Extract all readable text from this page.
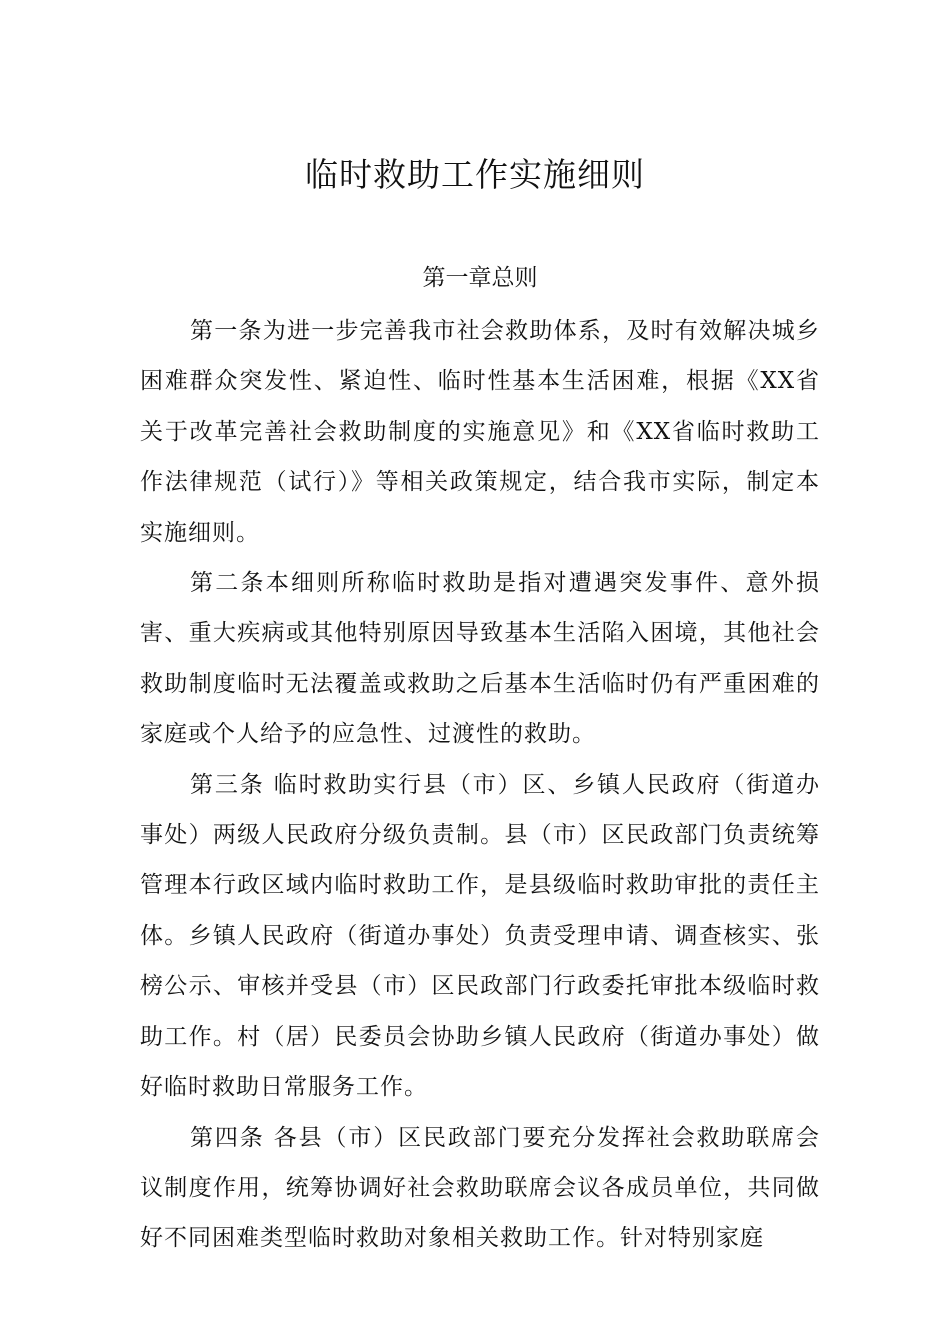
临时救助工作实施细则
第一章总则

第一条为进一步完善我市社会救助体系，及时有效解决城乡困难群众突发性、紧迫性、临时性基本生活困难，根据《XX省关于改革完善社会救助制度的实施意见》和《XX省临时救助工作法律规范（试行）》等相关政策规定，结合我市实际，制定本实施细则。

第二条本细则所称临时救助是指对遭遇突发事件、意外损害、重大疾病或其他特别原因导致基本生活陷入困境，其他社会救助制度临时无法覆盖或救助之后基本生活临时仍有严重困难的家庭或个人给予的应急性、过渡性的救助。

第三条 临时救助实行县（市）区、乡镇人民政府（街道办事处）两级人民政府分级负责制。县（市）区民政部门负责统筹管理本行政区域内临时救助工作，是县级临时救助审批的责任主体。乡镇人民政府（街道办事处）负责受理申请、调查核实、张榜公示、审核并受县（市）区民政部门行政委托审批本级临时救助工作。村（居）民委员会协助乡镇人民政府（街道办事处）做好临时救助日常服务工作。

第四条 各县（市）区民政部门要充分发挥社会救助联席会议制度作用，统筹协调好社会救助联席会议各成员单位，共同做好不同困难类型临时救助对象相关救助工作。针对特别家庭
